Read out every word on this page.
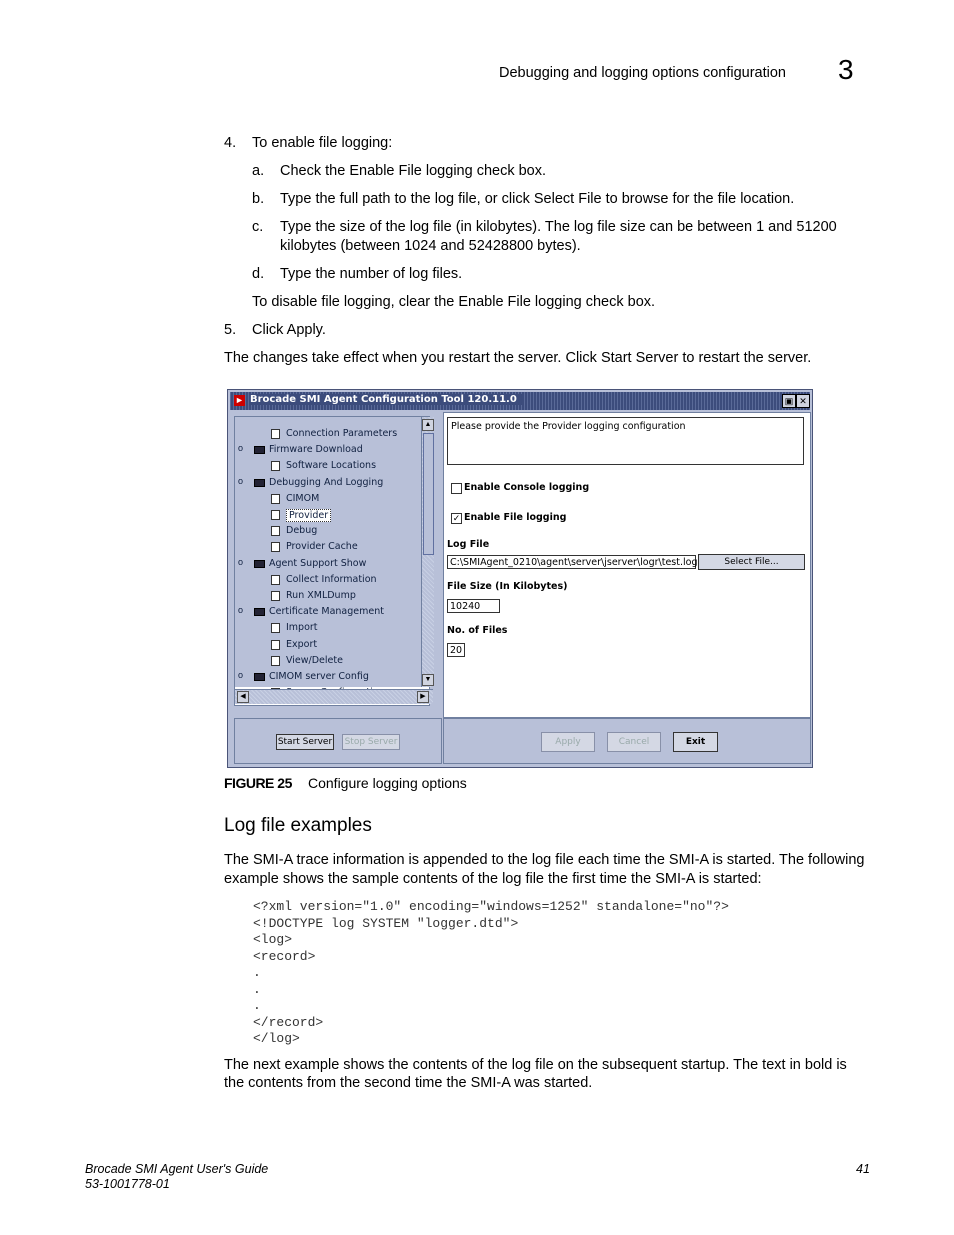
Debugging and logging options configuration 3
4. To enable file logging:
a. Check the Enable File logging check box.
b. Type the full path to the log file, or click Select File to browse for the file location.
c. Type the size of the log file (in kilobytes). The log file size can be between 1 and 51200
kilobytes (between 1024 and 52428800 bytes).
d. Type the number of log files.
To disable file logging, clear the Enable File logging check box.
5. Click Apply.
The changes take effect when you restart the server. Click Start Server to restart the server.
► Brocade SMI Agent Configuration Tool 120.11.0	▣ ✕
Connection Parameters
o	Firmware Download
Software Locations
o	Debugging And Logging
CIMOM
Provider
Debug
Provider Cache
o	Agent Support Show
Collect Information
Run XMLDump
o	Certificate Management
Import
Export
View/Delete
o	CIMOM server Config
▲
▼
◀	▶
Please provide the Provider logging configuration
Enable Console logging
✓ Enable File logging
Log File
C:\SMIAgent_0210\agent\server\jserver\logr\test.log	Select File...
File Size (In Kilobytes)
10240
No. of Files
20
Start Server Stop Server	Apply	Cancel	Exit
FIGURE 25 Configure logging options
Log file examples
The SMI-A trace information is appended to the log file each time the SMI-A is started. The following
example shows the sample contents of the log file the first time the SMI-A is started:
<?xml version="1.0" encoding="windows=1252" standalone="no"?>
<!DOCTYPE log SYSTEM "logger.dtd">
<log>
<record>
.
.
.
</record>
</log>
The next example shows the contents of the log file on the subsequent startup. The text in bold is
the contents from the second time the SMI-A was started.
Brocade SMI Agent User's Guide
53-1001778-01
41
